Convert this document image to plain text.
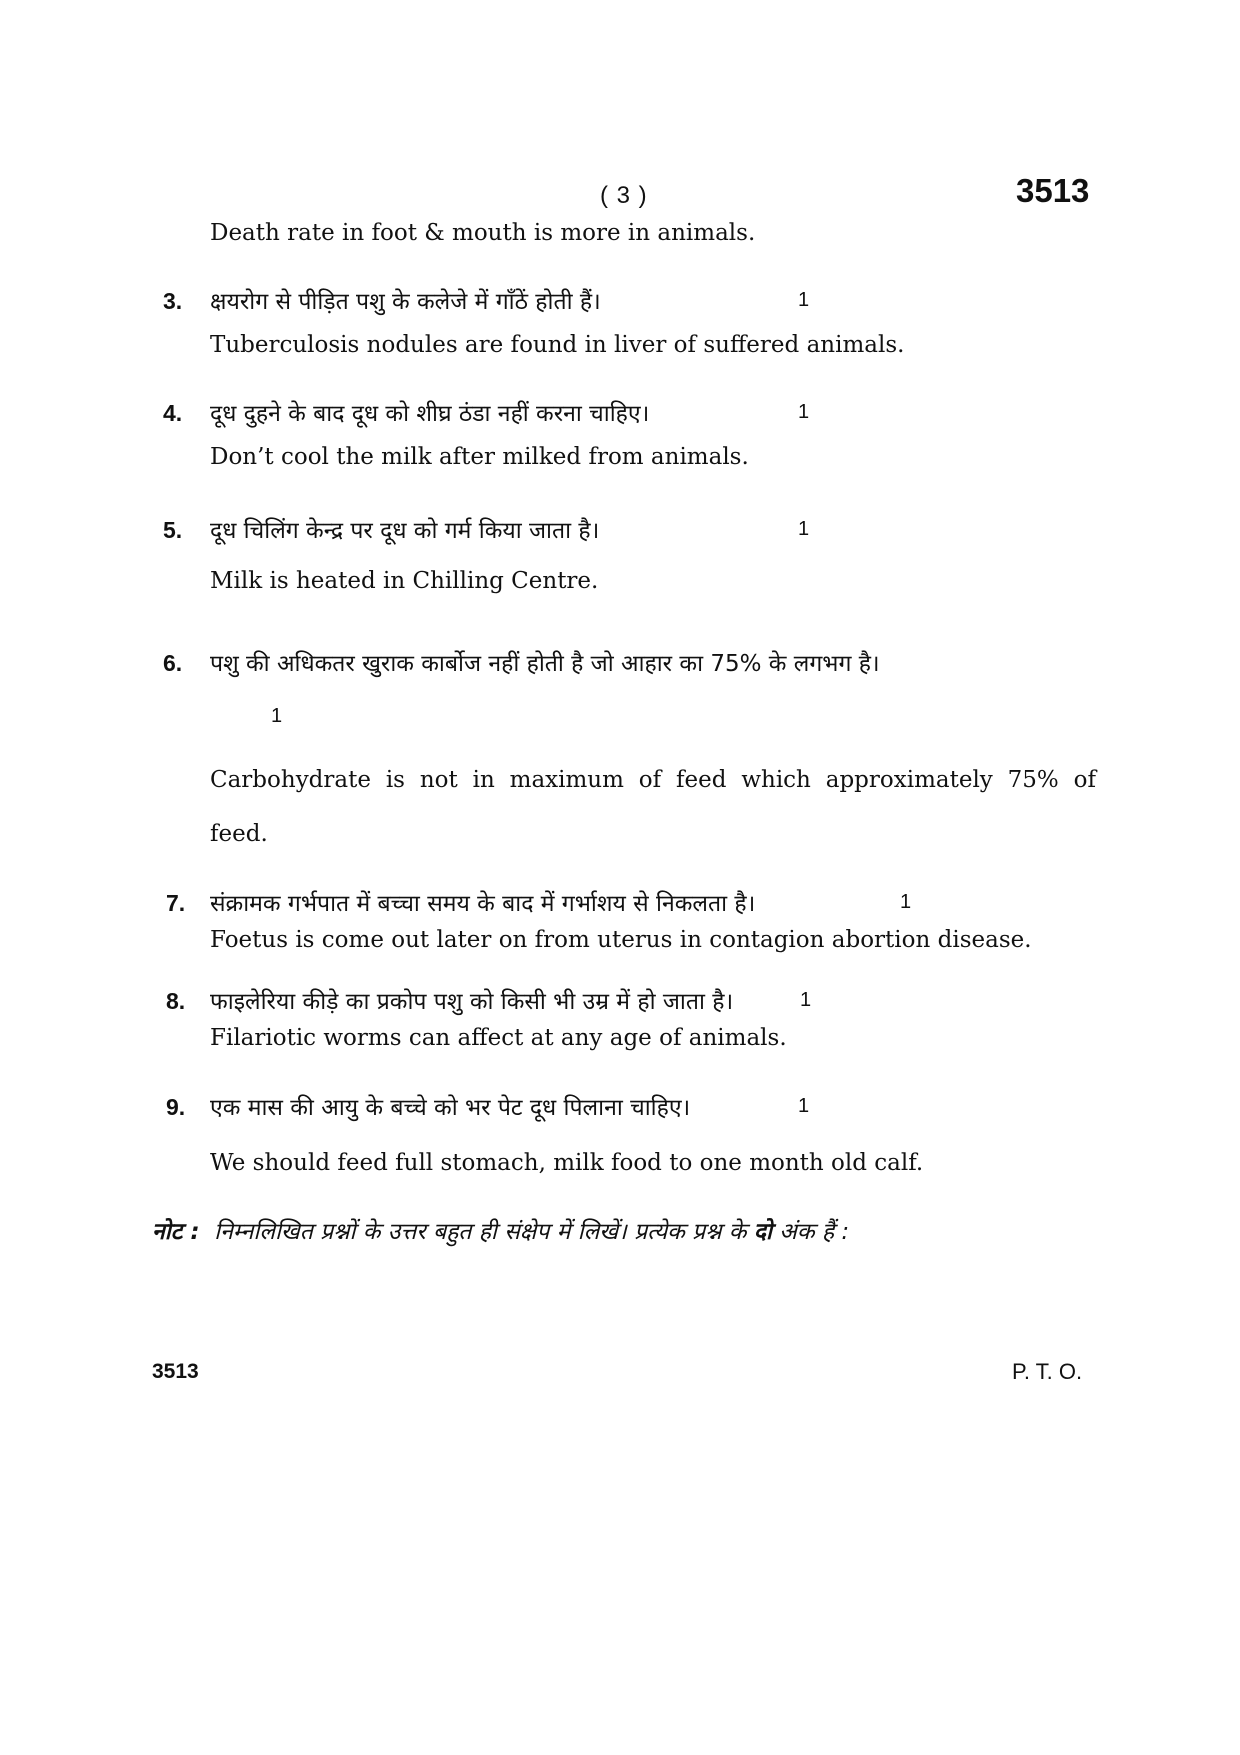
( 3 )	3513
Death rate in foot & mouth is more in animals.
3. क्षयरोग से पीड़ित पशु के कलेजे में गाँठें होती हैं।	1
Tuberculosis nodules are found in liver of suffered animals.
4. दूध दुहने के बाद दूध को शीघ्र ठंडा नहीं करना चाहिए।	1
Don’t cool the milk after milked from animals.
5. दूध चिलिंग केन्द्र पर दूध को गर्म किया जाता है।	1
Milk is heated in Chilling Centre.
6. पशु की अधिकतर खुराक कार्बोज नहीं होती है जो आहार का 75% के लगभग है।
1
Carbohydrate is not in maximum of feed which approximately 75% of
feed.
7. संक्रामक गर्भपात में बच्चा समय के बाद में गर्भाशय से निकलता है।	1
Foetus is come out later on from uterus in contagion abortion disease.
8. फाइलेरिया कीड़े का प्रकोप पशु को किसी भी उम्र में हो जाता है।	1
Filariotic worms can affect at any age of animals.
9. एक मास की आयु के बच्चे को भर पेट दूध पिलाना चाहिए।	1
We should feed full stomach, milk food to one month old calf.
नोट : निम्नलिखित प्रश्नों के उत्तर बहुत ही संक्षेप में लिखें। प्रत्येक प्रश्न के दो अंक हैं :
3513	P. T. O.
